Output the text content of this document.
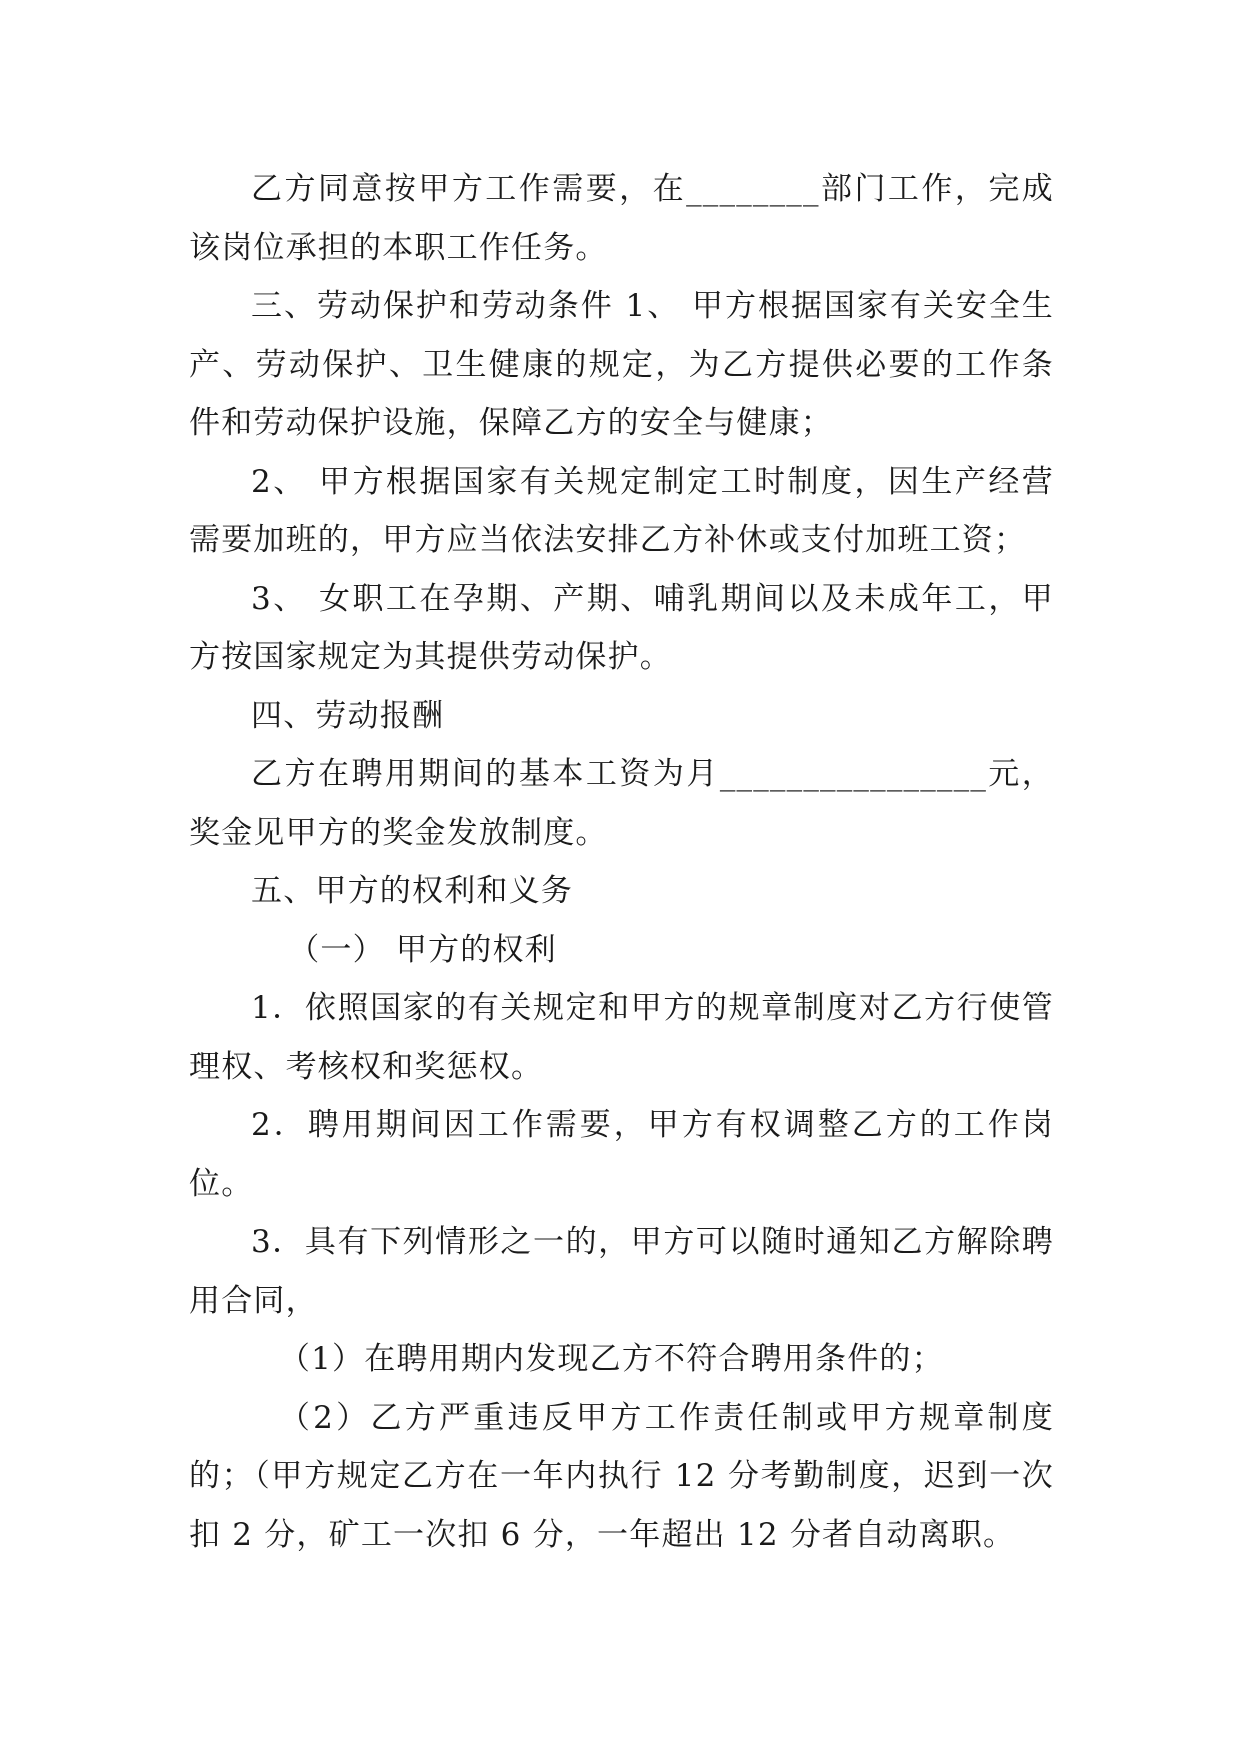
乙方同意按甲方工作需要，在________部门工作，完成该岗位承担的本职工作任务。

三、劳动保护和劳动条件 1、 甲方根据国家有关安全生产、劳动保护、卫生健康的规定，为乙方提供必要的工作条件和劳动保护设施，保障乙方的安全与健康；

2、 甲方根据国家有关规定制定工时制度，因生产经营需要加班的，甲方应当依法安排乙方补休或支付加班工资；

3、 女职工在孕期、产期、哺乳期间以及未成年工，甲方按国家规定为其提供劳动保护。

四、劳动报酬

乙方在聘用期间的基本工资为月________________元，奖金见甲方的奖金发放制度。

五、甲方的权利和义务

（一） 甲方的权利

1．依照国家的有关规定和甲方的规章制度对乙方行使管理权、考核权和奖惩权。

2．聘用期间因工作需要，甲方有权调整乙方的工作岗位。

3．具有下列情形之一的，甲方可以随时通知乙方解除聘用合同，

（1）在聘用期内发现乙方不符合聘用条件的；

（2）乙方严重违反甲方工作责任制或甲方规章制度的；（甲方规定乙方在一年内执行 12 分考勤制度，迟到一次扣 2 分，矿工一次扣 6 分，一年超出 12 分者自动离职。
